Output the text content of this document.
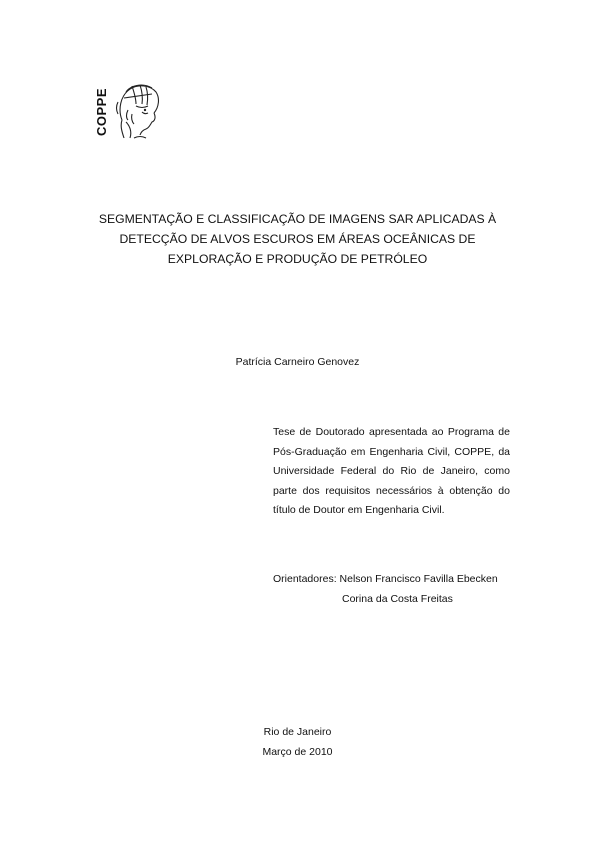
COPPE
SEGMENTAÇÃO E CLASSIFICAÇÃO DE IMAGENS SAR APLICADAS À
DETECÇÃO DE ALVOS ESCUROS EM ÁREAS OCEÂNICAS DE
EXPLORAÇÃO E PRODUÇÃO DE PETRÓLEO
Patrícia Carneiro Genovez
Tese de Doutorado apresentada ao Programa de Pós-Graduação em Engenharia Civil, COPPE, da Universidade Federal do Rio de Janeiro, como parte dos requisitos necessários à obtenção do título de Doutor em Engenharia Civil.
Orientadores: Nelson Francisco Favilla Ebecken
Corina da Costa Freitas
Rio de Janeiro
Março de 2010
